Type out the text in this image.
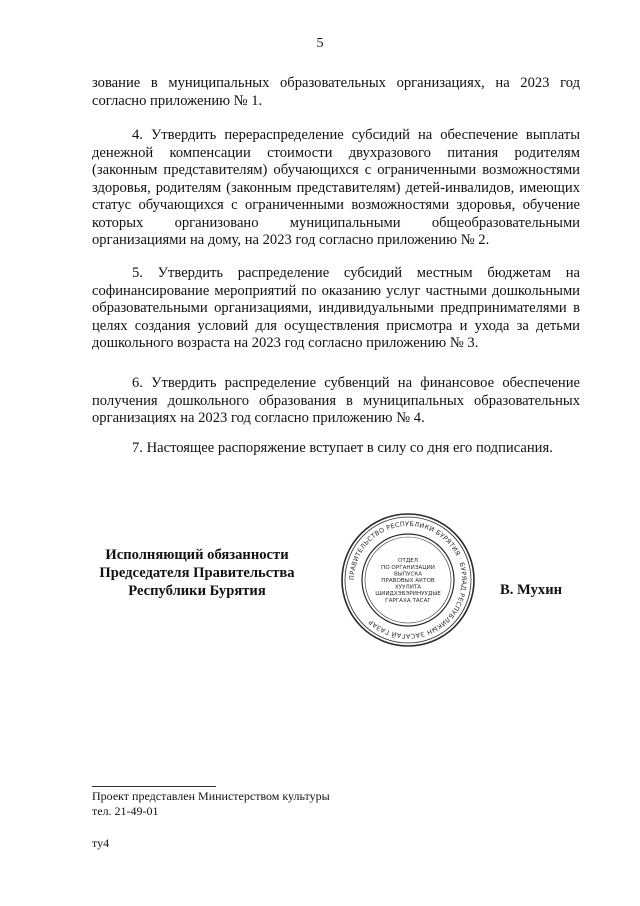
5

зование в муниципальных образовательных организациях, на 2023 год согласно приложению № 1.

4. Утвердить перераспределение субсидий на обеспечение выплаты денежной компенсации стоимости двухразового питания родителям (законным представителям) обучающихся с ограниченными возможностями здоровья, родителям (законным представителям) детей-инвалидов, имеющих статус обучающихся с ограниченными возможностями здоровья, обучение которых организовано муниципальными общеобразовательными организациями на дому, на 2023 год согласно приложению № 2.

5. Утвердить распределение субсидий местным бюджетам на софинансирование мероприятий по оказанию услуг частными дошкольными образовательными организациями, индивидуальными предпринимателями в целях создания условий для осуществления присмотра и ухода за детьми дошкольного возраста на 2023 год согласно приложению № 3.

6. Утвердить распределение субвенций на финансовое обеспечение получения дошкольного образования в муниципальных образовательных организациях на 2023 год согласно приложению № 4.

7. Настоящее распоряжение вступает в силу со дня его подписания.

Исполняющий обязанности
Председателя Правительства
Республики Бурятия
ПРАВИТЕЛЬСТВО РЕСПУБЛИКИ БУРЯТИЯ · БУРЯАД РЕСПУБЛИКЫН ЗАСАГАЙ ГАЗАР
ОТДЕЛ
ПО ОРГАНИЗАЦИИ
ВЫПУСКА
ПРАВОВЫХ АКТОВ
ХУУЛИТА
ШИИДХЭБЭРИНУУДЫЕ
ГАРГАХА ТАСАГ
В. Мухин
Проект представлен Министерством культуры
тел. 21-49-01
ту4
